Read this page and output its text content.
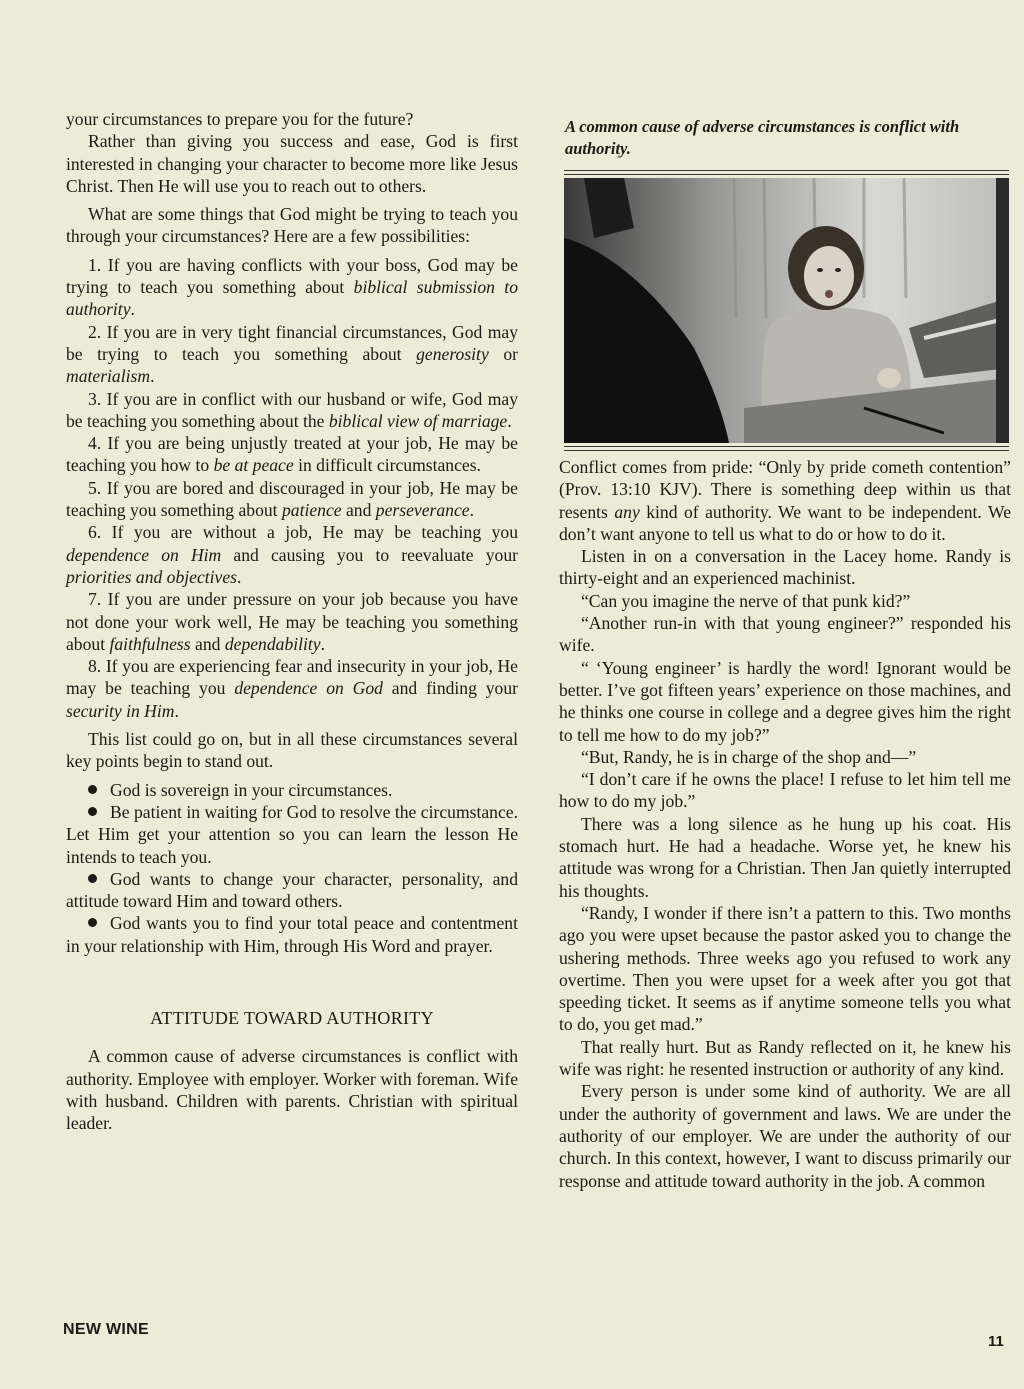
your circumstances to prepare you for the future?

Rather than giving you success and ease, God is first interested in changing your character to become more like Jesus Christ. Then He will use you to reach out to others.

What are some things that God might be trying to teach you through your circumstances? Here are a few possibilities:

1. If you are having conflicts with your boss, God may be trying to teach you something about biblical submission to authority.
2. If you are in very tight financial circumstances, God may be trying to teach you something about generosity or materialism.
3. If you are in conflict with our husband or wife, God may be teaching you something about the biblical view of marriage.
4. If you are being unjustly treated at your job, He may be teaching you how to be at peace in difficult circumstances.
5. If you are bored and discouraged in your job, He may be teaching you something about patience and perseverance.
6. If you are without a job, He may be teaching you dependence on Him and causing you to reevaluate your priorities and objectives.
7. If you are under pressure on your job because you have not done your work well, He may be teaching you something about faithfulness and dependability.
8. If you are experiencing fear and insecurity in your job, He may be teaching you dependence on God and finding your security in Him.

This list could go on, but in all these circumstances several key points begin to stand out.

God is sovereign in your circumstances.
Be patient in waiting for God to resolve the circumstance. Let Him get your attention so you can learn the lesson He intends to teach you.
God wants to change your character, personality, and attitude toward Him and toward others.
God wants you to find your total peace and contentment in your relationship with Him, through His Word and prayer.
ATTITUDE TOWARD AUTHORITY

A common cause of adverse circumstances is conflict with authority. Employee with employer. Worker with foreman. Wife with husband. Children with parents. Christian with spiritual leader.

A common cause of adverse circumstances is conflict with authority.

Conflict comes from pride: “Only by pride cometh contention” (Prov. 13:10 KJV). There is something deep within us that resents any kind of authority. We want to be independent. We don’t want anyone to tell us what to do or how to do it.

Listen in on a conversation in the Lacey home. Randy is thirty-eight and an experienced machinist.

“Can you imagine the nerve of that punk kid?”

“Another run-in with that young engineer?” responded his wife.

“ ‘Young engineer’ is hardly the word! Ignorant would be better. I’ve got fifteen years’ experience on those machines, and he thinks one course in college and a degree gives him the right to tell me how to do my job?”

“But, Randy, he is in charge of the shop and—”

“I don’t care if he owns the place! I refuse to let him tell me how to do my job.”

There was a long silence as he hung up his coat. His stomach hurt. He had a headache. Worse yet, he knew his attitude was wrong for a Christian. Then Jan quietly interrupted his thoughts.

“Randy, I wonder if there isn’t a pattern to this. Two months ago you were upset because the pastor asked you to change the ushering methods. Three weeks ago you refused to work any overtime. Then you were upset for a week after you got that speeding ticket. It seems as if anytime someone tells you what to do, you get mad.”

That really hurt. But as Randy reflected on it, he knew his wife was right: he resented instruction or authority of any kind.

Every person is under some kind of authority. We are all under the authority of government and laws. We are under the authority of our employer. We are under the authority of our church. In this context, however, I want to discuss primarily our response and attitude toward authority in the job. A common

NEW WINE
11
